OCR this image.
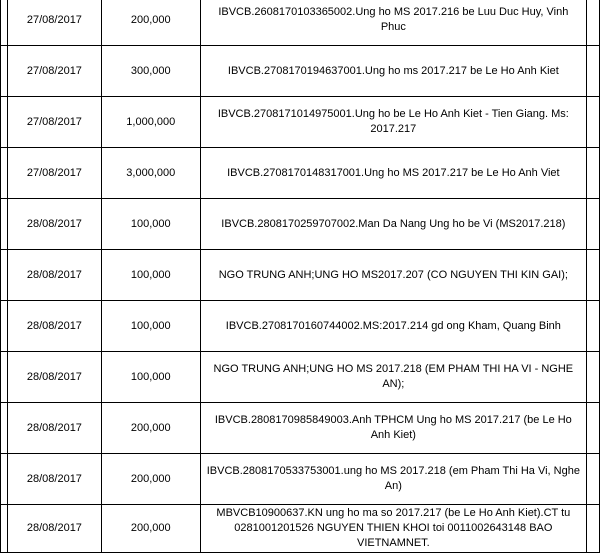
	27/08/2017	200,000	IBVCB.2608170103365002.Ung ho MS 2017.216 be Luu Duc Huy, Vinh Phuc	
	27/08/2017	300,000	IBVCB.2708170194637001.Ung ho ms 2017.217 be Le Ho Anh Kiet	
	27/08/2017	1,000,000	IBVCB.2708171014975001.Ung ho be Le Ho Anh Kiet - Tien Giang. Ms: 2017.217	
	27/08/2017	3,000,000	IBVCB.2708170148317001.Ung ho MS 2017.217 be Le Ho Anh Viet	
	28/08/2017	100,000	IBVCB.2808170259707002.Man Da Nang Ung ho be Vi (MS2017.218)	
	28/08/2017	100,000	NGO TRUNG ANH;UNG HO MS2017.207 (CO NGUYEN THI KIN GAI);	
	28/08/2017	100,000	IBVCB.2708170160744002.MS:2017.214 gd ong Kham, Quang Binh	
	28/08/2017	100,000	NGO TRUNG ANH;UNG HO MS 2017.218 (EM PHAM THI HA VI - NGHE AN);	
	28/08/2017	200,000	IBVCB.2808170985849003.Anh TPHCM Ung ho MS 2017.217 (be Le Ho Anh Kiet)	
	28/08/2017	200,000	IBVCB.2808170533753001.ung ho MS 2017.218 (em Pham Thi Ha Vi, Nghe An)	
	28/08/2017	200,000	MBVCB10900637.KN ung ho ma so 2017.217 (be Le Ho Anh Kiet).CT tu 0281001201526 NGUYEN THIEN KHOI toi 0011002643148 BAO VIETNAMNET.	
